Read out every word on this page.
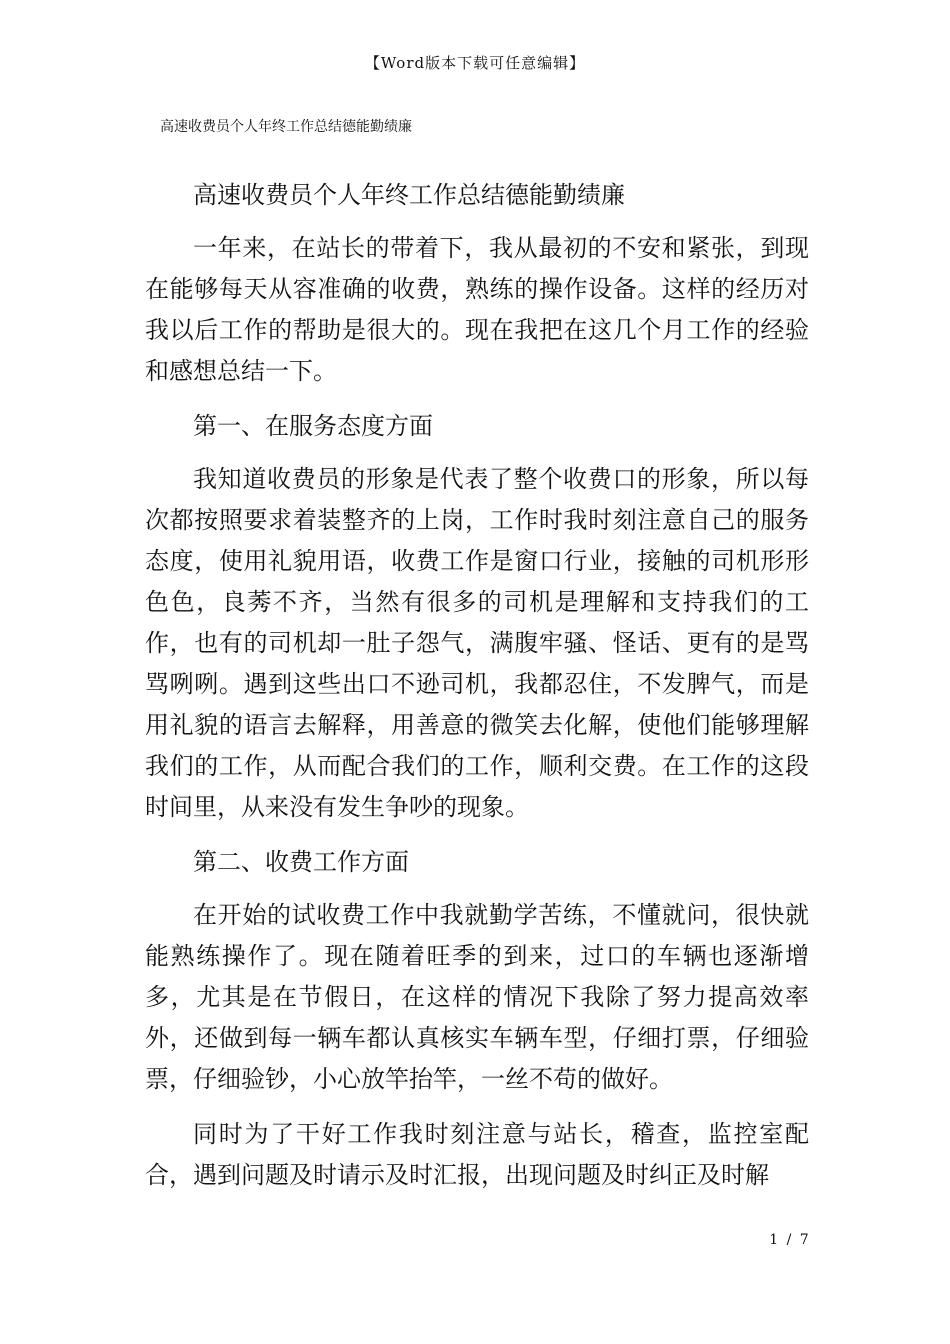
【Word版本下载可任意编辑】
高速收费员个人年终工作总结德能勤绩廉

高速收费员个人年终工作总结德能勤绩廉

一年来，在站长的带着下，我从最初的不安和紧张，到现在能够每天从容准确的收费，熟练的操作设备。这样的经历对我以后工作的帮助是很大的。现在我把在这几个月工作的经验和感想总结一下。

第一、在服务态度方面

我知道收费员的形象是代表了整个收费口的形象，所以每次都按照要求着装整齐的上岗，工作时我时刻注意自己的服务态度，使用礼貌用语，收费工作是窗口行业，接触的司机形形色色，良莠不齐，当然有很多的司机是理解和支持我们的工作，也有的司机却一肚子怨气，满腹牢骚、怪话、更有的是骂骂咧咧。遇到这些出口不逊司机，我都忍住，不发脾气，而是用礼貌的语言去解释，用善意的微笑去化解，使他们能够理解我们的工作，从而配合我们的工作，顺利交费。在工作的这段时间里，从来没有发生争吵的现象。

第二、收费工作方面

在开始的试收费工作中我就勤学苦练，不懂就问，很快就能熟练操作了。现在随着旺季的到来，过口的车辆也逐渐增多，尤其是在节假日，在这样的情况下我除了努力提高效率外，还做到每一辆车都认真核实车辆车型，仔细打票，仔细验票，仔细验钞，小心放竿抬竿，一丝不苟的做好。

同时为了干好工作我时刻注意与站长，稽查，监控室配合，遇到问题及时请示及时汇报，出现问题及时纠正及时解

1 / 7
